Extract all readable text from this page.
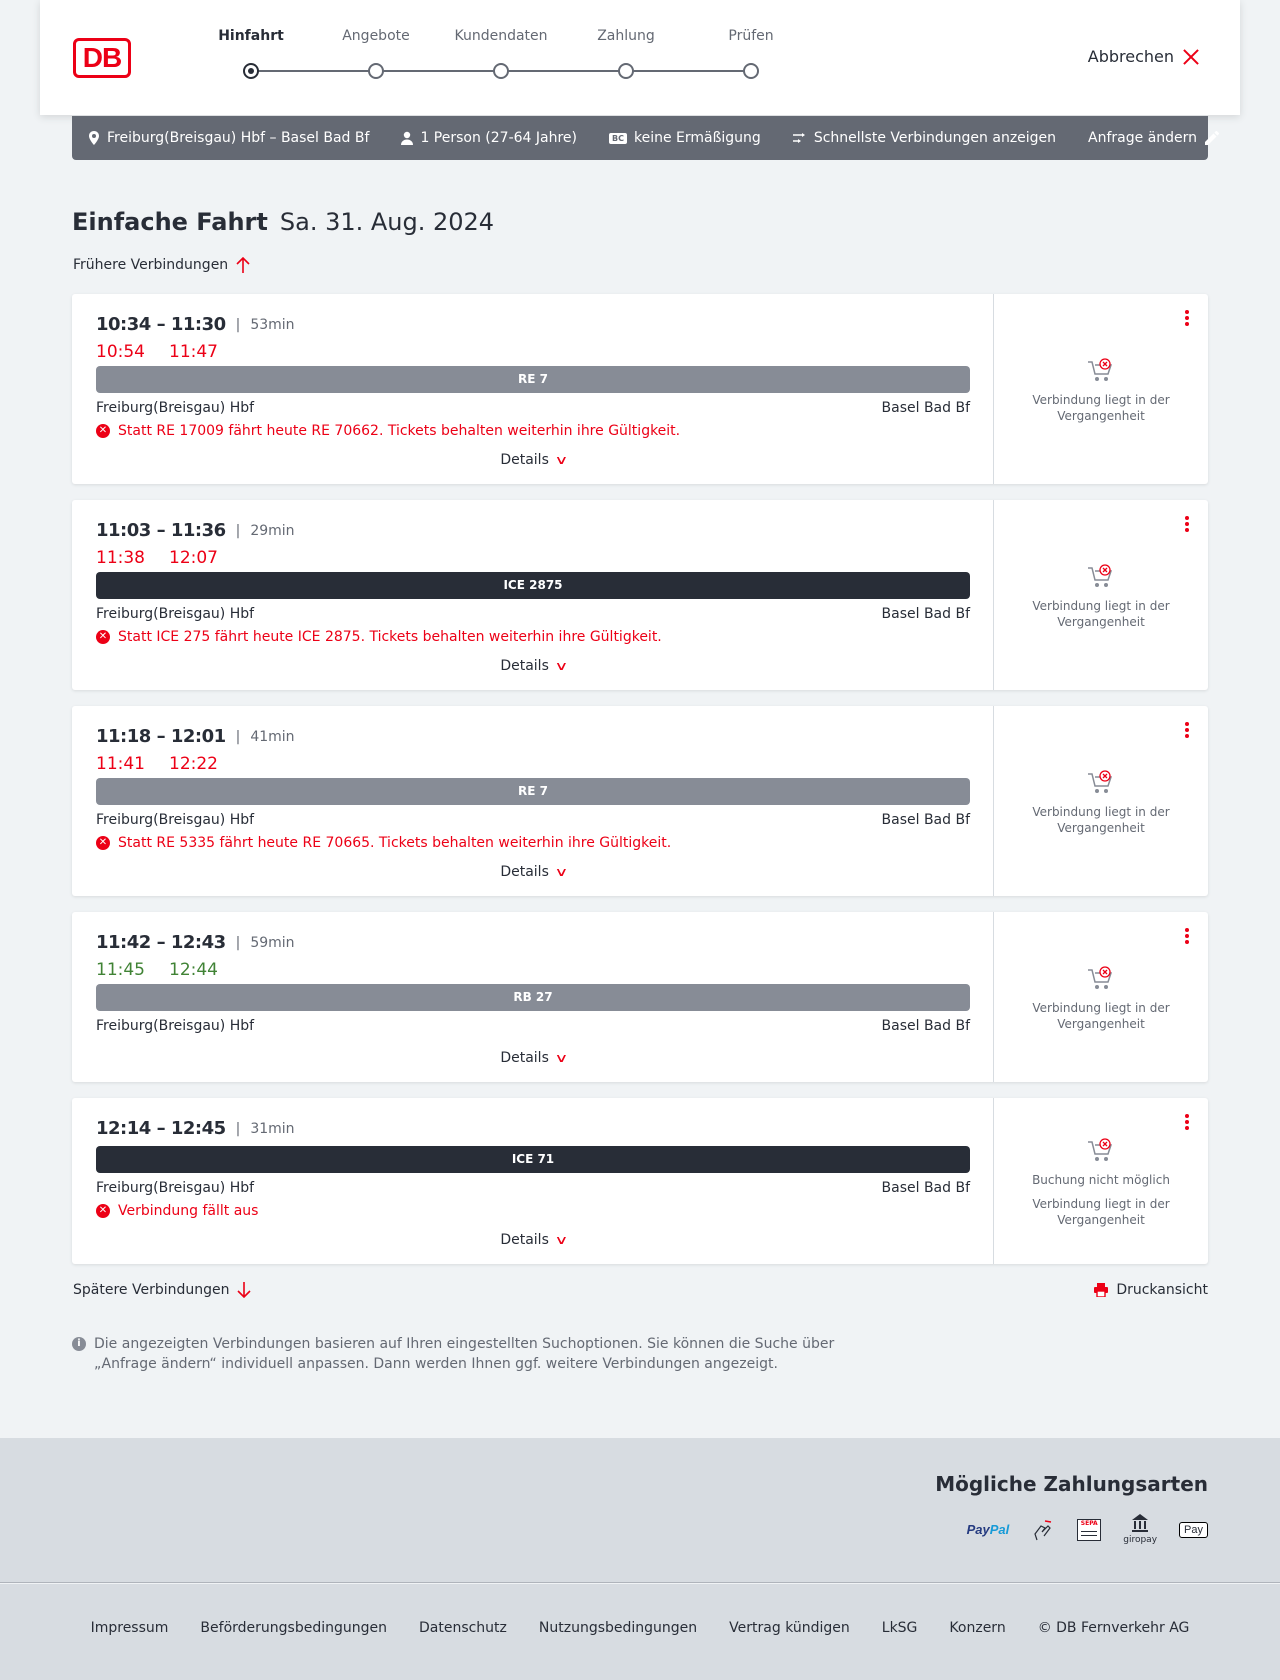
DB
Hinfahrt	Angebote	Kundendaten	Zahlung	Prüfen
Abbrechen
Freiburg(Breisgau) Hbf – Basel Bad Bf	1 Person (27-64 Jahre)	BC keine Ermäßigung	Schnellste Verbindungen anzeigen Anfrage ändern
Einfache Fahrt Sa. 31. Aug. 2024
Frühere Verbindungen
10:34 – 11:30 | 53min
10:54 11:47
RE 7
Freiburg(Breisgau) Hbf	Basel Bad Bf
✕ Statt RE 17009 fährt heute RE 70662. Tickets behalten weiterhin ihre Gültigkeit.
Details ∨
Verbindung liegt in der Vergangenheit
11:03 – 11:36 | 29min
11:38 12:07
ICE 2875
Freiburg(Breisgau) Hbf	Basel Bad Bf
✕ Statt ICE 275 fährt heute ICE 2875. Tickets behalten weiterhin ihre Gültigkeit.
Details ∨
Verbindung liegt in der Vergangenheit
11:18 – 12:01 | 41min
11:41 12:22
RE 7
Freiburg(Breisgau) Hbf	Basel Bad Bf
✕ Statt RE 5335 fährt heute RE 70665. Tickets behalten weiterhin ihre Gültigkeit.
Details ∨
Verbindung liegt in der Vergangenheit
11:42 – 12:43 | 59min
11:45 12:44
RB 27
Freiburg(Breisgau) Hbf	Basel Bad Bf
Details ∨
Verbindung liegt in der Vergangenheit
12:14 – 12:45 | 31min
ICE 71
Freiburg(Breisgau) Hbf	Basel Bad Bf
✕ Verbindung fällt aus
Details ∨
Buchung nicht möglich
Verbindung liegt in der Vergangenheit
Spätere Verbindungen	Druckansicht
i Die angezeigten Verbindungen basieren auf Ihren eingestellten Suchoptionen. Sie können die Suche über „Anfrage ändern“ individuell anpassen. Dann werden Ihnen ggf. weitere Verbindungen angezeigt.
Mögliche Zahlungsarten
PayPal	SEPA

giropay
Pay
Impressum Beförderungsbedingungen Datenschutz Nutzungsbedingungen Vertrag kündigen LkSG Konzern © DB Fernverkehr AG
